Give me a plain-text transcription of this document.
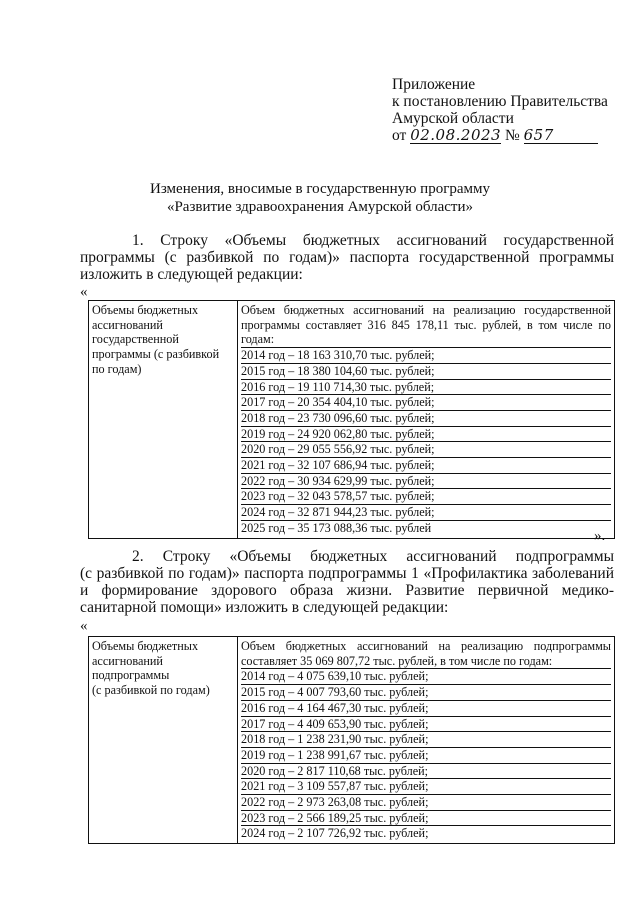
Приложение
к постановлению Правительства
Амурской области
от 02.08.2023 № 657
Изменения, вносимые в государственную программу
«Развитие здравоохранения Амурской области»
1. Строку «Объемы бюджетных ассигнований государственной
программы (с разбивкой по годам)» паспорта государственной программы
изложить в следующей редакции:
«
Объемы бюджетных
ассигнований
государственной
программы (с разбивкой
по годам)

Объем бюджетных ассигнований на реализацию государственной
программы составляет 316 845 178,11 тыс. рублей, в том числе по
годам:
2014 год – 18 163 310,70 тыс. рублей;
2015 год – 18 380 104,60 тыс. рублей;
2016 год – 19 110 714,30 тыс. рублей;
2017 год – 20 354 404,10 тыс. рублей;
2018 год – 23 730 096,60 тыс. рублей;
2019 год – 24 920 062,80 тыс. рублей;
2020 год – 29 055 556,92 тыс. рублей;
2021 год – 32 107 686,94 тыс. рублей;
2022 год – 30 934 629,99 тыс. рублей;
2023 год – 32 043 578,57 тыс. рублей;
2024 год – 32 871 944,23 тыс. рублей;
2025 год – 35 173 088,36 тыс. рублей
».
2. Строку «Объемы бюджетных ассигнований подпрограммы
(с разбивкой по годам)» паспорта подпрограммы 1 «Профилактика заболеваний
и формирование здорового образа жизни. Развитие первичной медико-
санитарной помощи» изложить в следующей редакции:
«
Объемы бюджетных
ассигнований
подпрограммы
(с разбивкой по годам)

Объем бюджетных ассигнований на реализацию подпрограммы
составляет 35 069 807,72 тыс. рублей, в том числе по годам:
2014 год – 4 075 639,10 тыс. рублей;
2015 год – 4 007 793,60 тыс. рублей;
2016 год – 4 164 467,30 тыс. рублей;
2017 год – 4 409 653,90 тыс. рублей;
2018 год – 1 238 231,90 тыс. рублей;
2019 год – 1 238 991,67 тыс. рублей;
2020 год – 2 817 110,68 тыс. рублей;
2021 год – 3 109 557,87 тыс. рублей;
2022 год – 2 973 263,08 тыс. рублей;
2023 год – 2 566 189,25 тыс. рублей;
2024 год – 2 107 726,92 тыс. рублей;
